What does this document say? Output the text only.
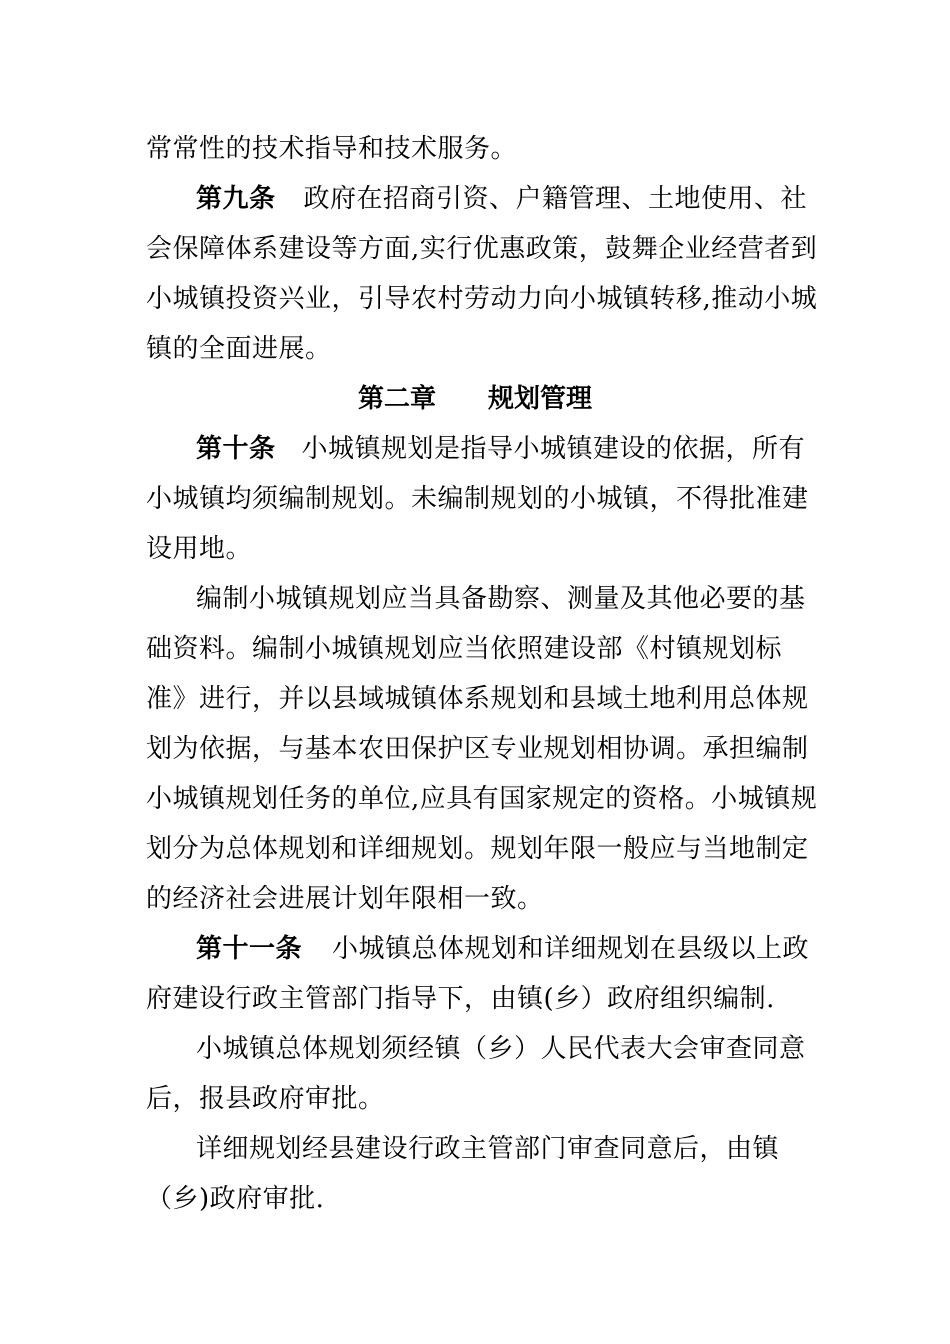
常常性的技术指导和技术服务。
第九条 政府在招商引资、户籍管理、土地使用、社
会保障体系建设等方面,实行优惠政策，鼓舞企业经营者到
小城镇投资兴业，引导农村劳动力向小城镇转移,推动小城
镇的全面进展。
第二章 规划管理
第十条 小城镇规划是指导小城镇建设的依据，所有
小城镇均须编制规划。未编制规划的小城镇，不得批准建
设用地。
编制小城镇规划应当具备勘察、测量及其他必要的基
础资料。编制小城镇规划应当依照建设部《村镇规划标
准》进行，并以县域城镇体系规划和县域土地利用总体规
划为依据，与基本农田保护区专业规划相协调。承担编制
小城镇规划任务的单位,应具有国家规定的资格。小城镇规
划分为总体规划和详细规划。规划年限一般应与当地制定
的经济社会进展计划年限相一致。
第十一条 小城镇总体规划和详细规划在县级以上政
府建设行政主管部门指导下，由镇(乡）政府组织编制.
小城镇总体规划须经镇（乡）人民代表大会审查同意
后，报县政府审批。
详细规划经县建设行政主管部门审查同意后，由镇
（乡)政府审批.
